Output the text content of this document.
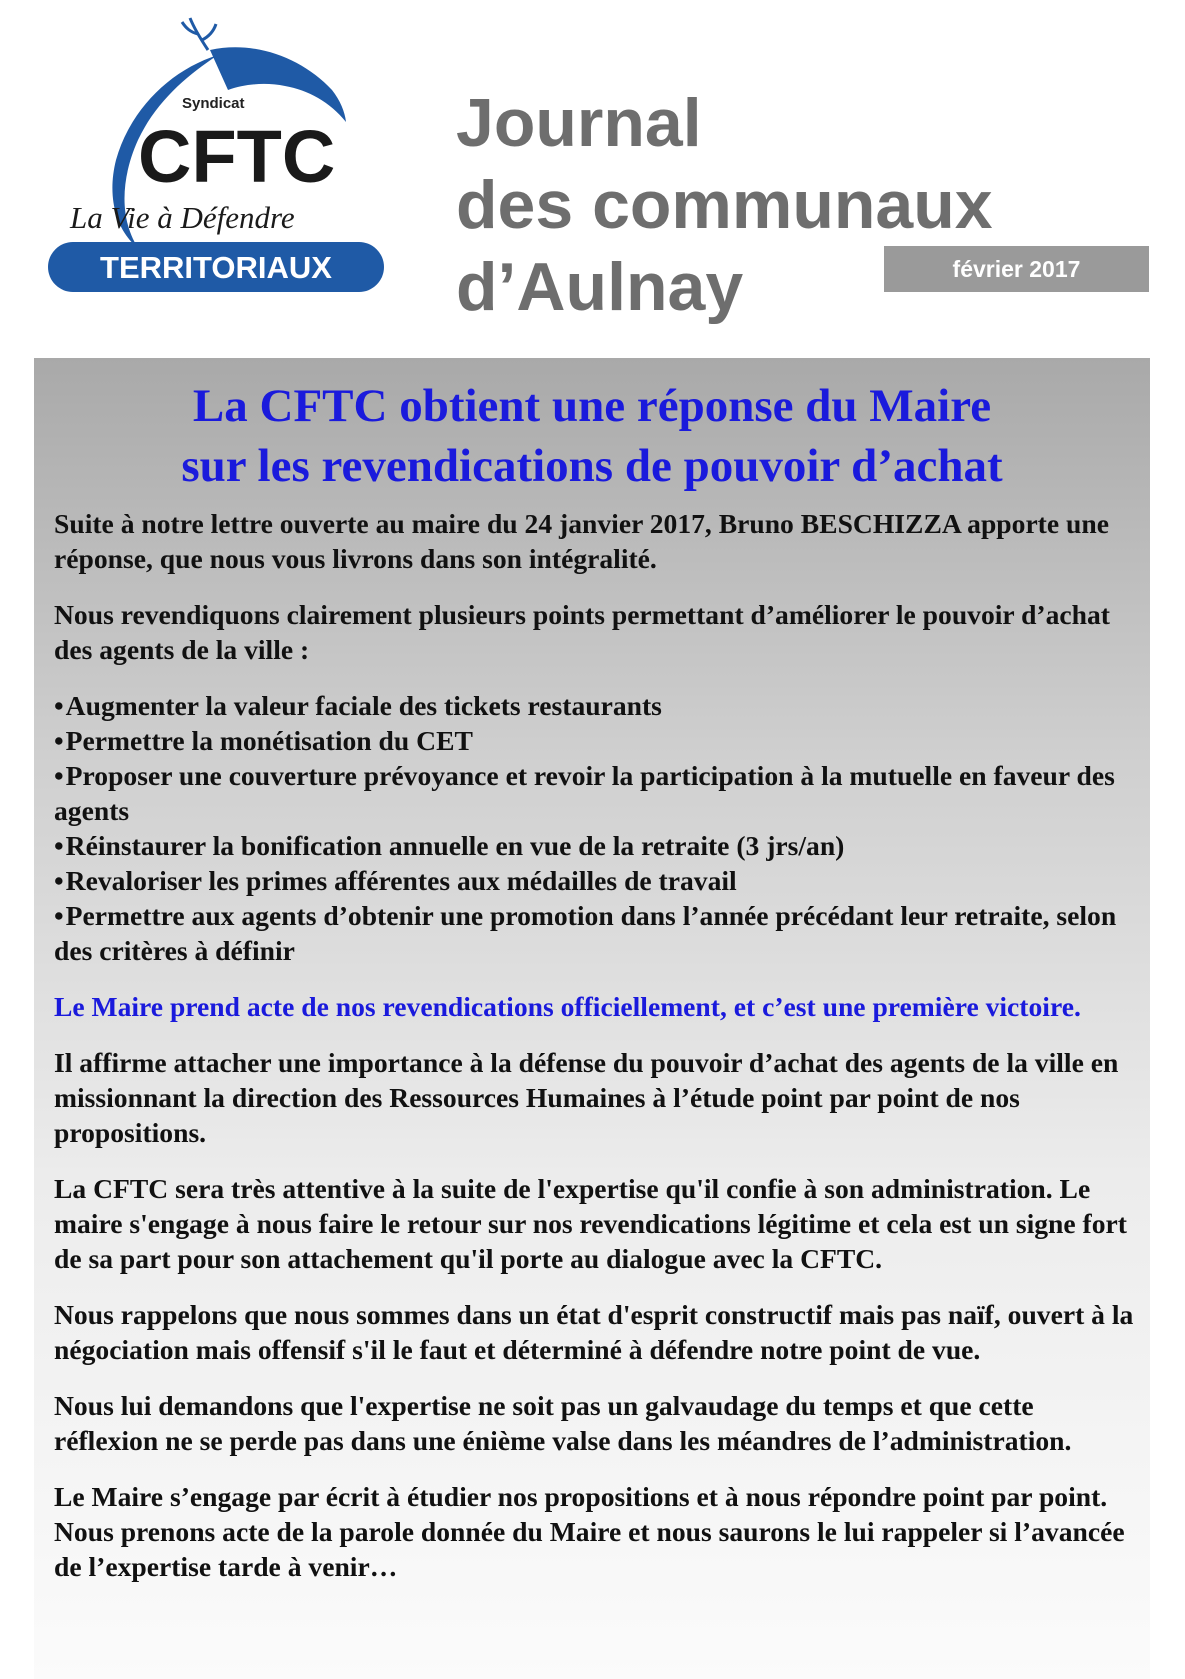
Syndicat
CFTC
La Vie à Défendre
TERRITORIAUX
Journal
des communaux
d’Aulnay	février 2017
La CFTC obtient une réponse du Maire
sur les revendications de pouvoir d’achat

Suite à notre lettre ouverte au maire du 24 janvier 2017, Bruno BESCHIZZA apporte une réponse, que nous vous livrons dans son intégralité.

Nous revendiquons clairement plusieurs points permettant d’améliorer le pouvoir d’achat des agents de la ville :

•Augmenter la valeur faciale des tickets restaurants
•Permettre la monétisation du CET
•Proposer une couverture prévoyance et revoir la participation à la mutuelle en faveur des agents
•Réinstaurer la bonification annuelle en vue de la retraite (3 jrs/an)
•Revaloriser les primes afférentes aux médailles de travail
•Permettre aux agents d’obtenir une promotion dans l’année précédant leur retraite, selon des critères à définir

Le Maire prend acte de nos revendications officiellement, et c’est une première victoire.

Il affirme attacher une importance à la défense du pouvoir d’achat des agents de la ville en missionnant la direction des Ressources Humaines à l’étude point par point de nos propositions.

La CFTC sera très attentive à la suite de l'expertise qu'il confie à son administration. Le maire s'engage à nous faire le retour sur nos revendications légitime et cela est un signe fort de sa part pour son attachement qu'il porte au dialogue avec la CFTC.

Nous rappelons que nous sommes dans un état d'esprit constructif mais pas naïf, ouvert à la négociation mais offensif s'il le faut et déterminé à défendre notre point de vue.

Nous lui demandons que l'expertise ne soit pas un galvaudage du temps et que cette réflexion ne se perde pas dans une énième valse dans les méandres de l’administration.

Le Maire s’engage par écrit à étudier nos propositions et à nous répondre point par point. Nous prenons acte de la parole donnée du Maire et nous saurons le lui rappeler si l’avancée de l’expertise tarde à venir…
